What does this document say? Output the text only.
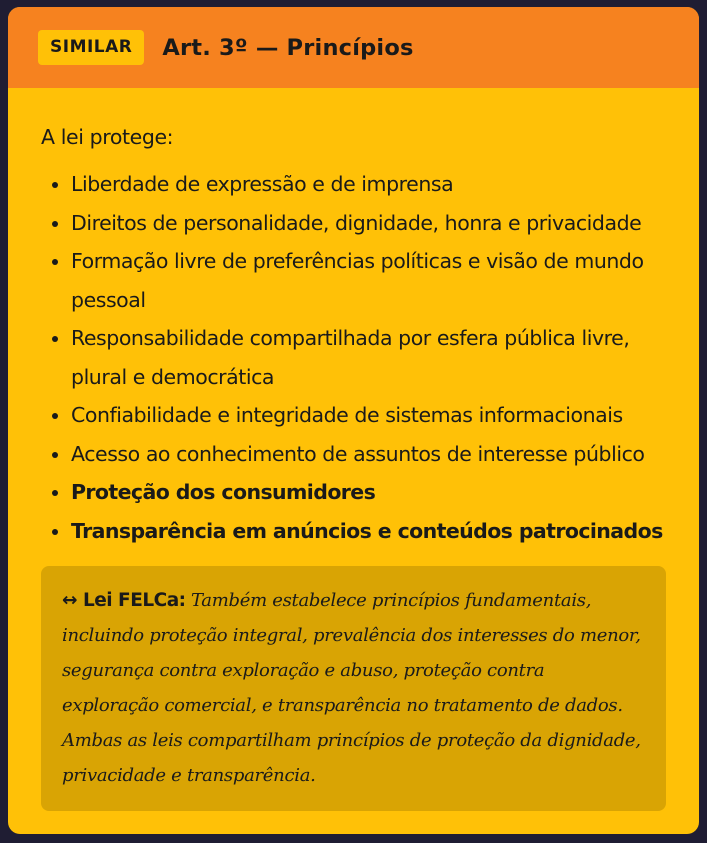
SIMILAR	Art. 3º — Princípios

A lei protege:

• Liberdade de expressão e de imprensa
• Direitos de personalidade, dignidade, honra e privacidade
• Formação livre de preferências políticas e visão de mundo pessoal
• Responsabilidade compartilhada por esfera pública livre, plural e democrática
• Confiabilidade e integridade de sistemas informacionais
• Acesso ao conhecimento de assuntos de interesse público
• Proteção dos consumidores
• Transparência em anúncios e conteúdos patrocinados
↔ Lei FELCa: Também estabelece princípios fundamentais, incluindo proteção integral, prevalência dos interesses do menor, segurança contra exploração e abuso, proteção contra exploração comercial, e transparência no tratamento de dados. Ambas as leis compartilham princípios de proteção da dignidade, privacidade e transparência.
